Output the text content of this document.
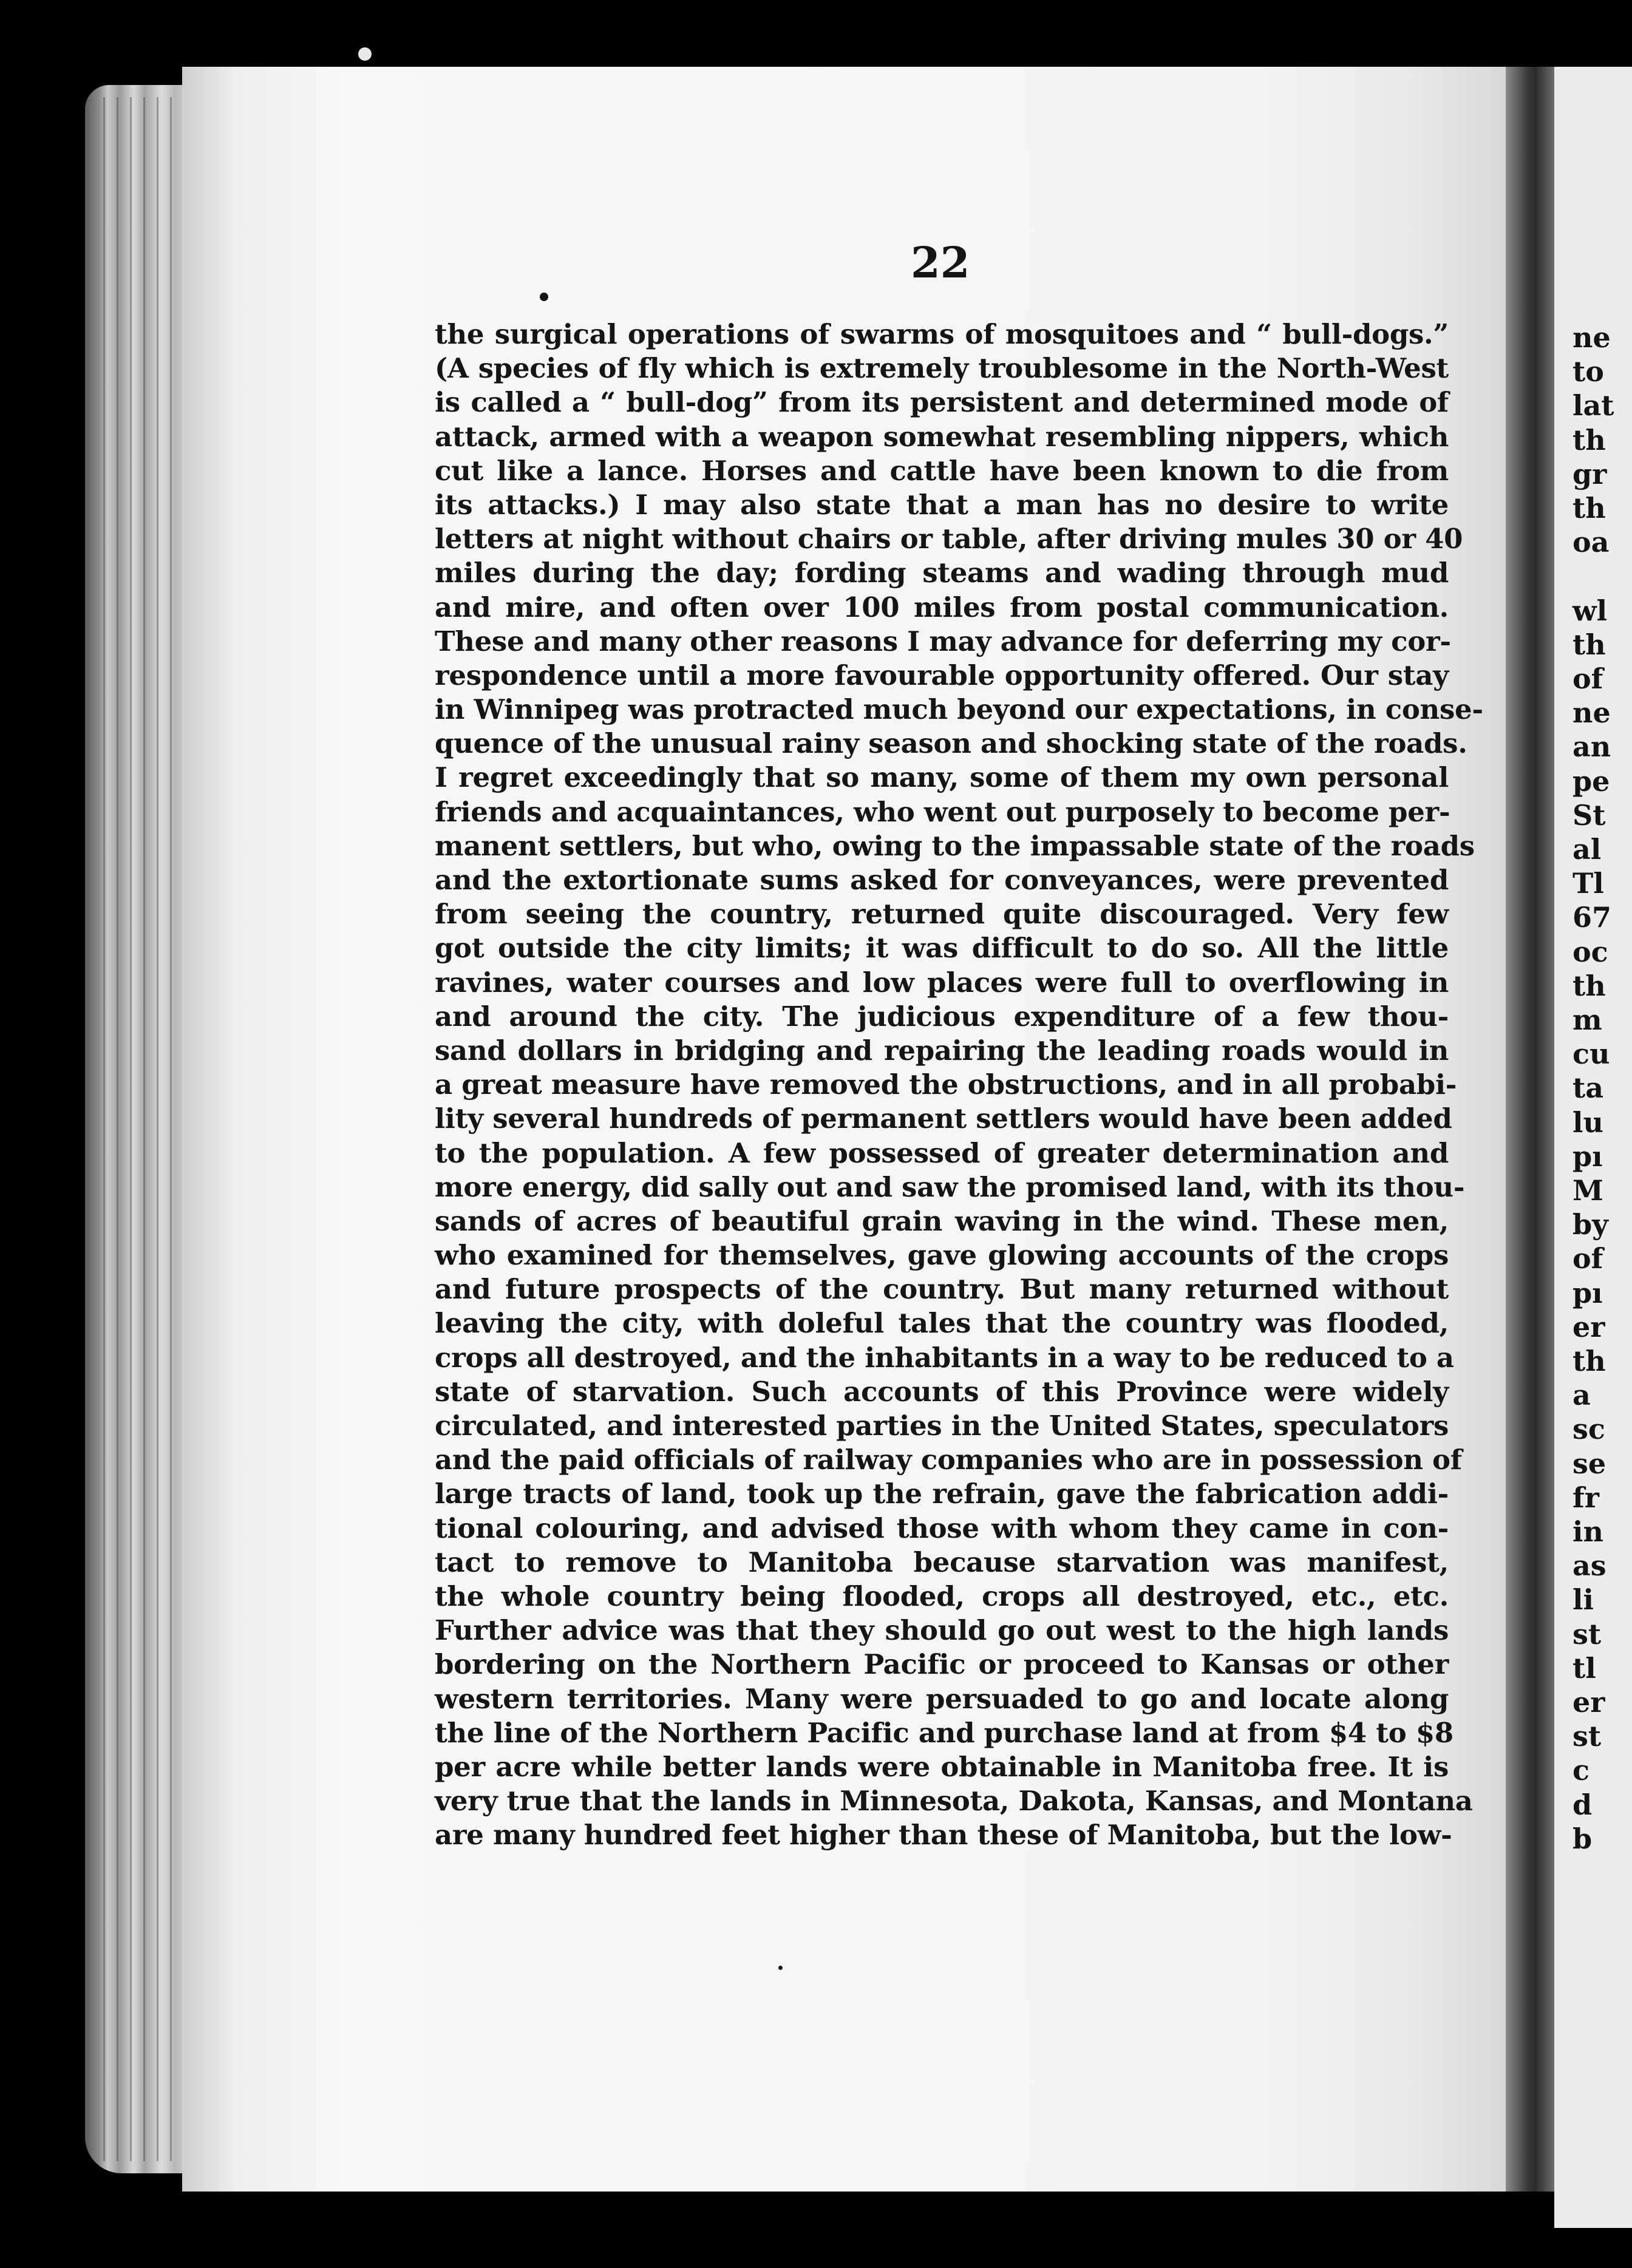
22
the surgical operations of swarms of mosquitoes and “ bull-dogs.”
(A species of fly which is extremely troublesome in the North-West
is called a “ bull-dog” from its persistent and determined mode of
attack, armed with a weapon somewhat resembling nippers, which
cut like a lance. Horses and cattle have been known to die from
its attacks.) I may also state that a man has no desire to write
letters at night without chairs or table, after driving mules 30 or 40
miles during the day; fording steams and wading through mud
and mire, and often over 100 miles from postal communication.
These and many other reasons I may advance for deferring my cor-
respondence until a more favourable opportunity offered. Our stay
in Winnipeg was protracted much beyond our expectations, in conse-
quence of the unusual rainy season and shocking state of the roads.
I regret exceedingly that so many, some of them my own personal
friends and acquaintances, who went out purposely to become per-
manent settlers, but who, owing to the impassable state of the roads
and the extortionate sums asked for conveyances, were prevented
from seeing the country, returned quite discouraged. Very few
got outside the city limits; it was difficult to do so. All the little
ravines, water courses and low places were full to overflowing in
and around the city. The judicious expenditure of a few thou-
sand dollars in bridging and repairing the leading roads would in
a great measure have removed the obstructions, and in all probabi-
lity several hundreds of permanent settlers would have been added
to the population. A few possessed of greater determination and
more energy, did sally out and saw the promised land, with its thou-
sands of acres of beautiful grain waving in the wind. These men,
who examined for themselves, gave glowing accounts of the crops
and future prospects of the country. But many returned without
leaving the city, with doleful tales that the country was flooded,
crops all destroyed, and the inhabitants in a way to be reduced to a
state of starvation. Such accounts of this Province were widely
circulated, and interested parties in the United States, speculators
and the paid officials of railway companies who are in possession of
large tracts of land, took up the refrain, gave the fabrication addi-
tional colouring, and advised those with whom they came in con-
tact to remove to Manitoba because starvation was manifest,
the whole country being flooded, crops all destroyed, etc., etc.
Further advice was that they should go out west to the high lands
bordering on the Northern Pacific or proceed to Kansas or other
western territories. Many were persuaded to go and locate along
the line of the Northern Pacific and purchase land at from $4 to $8
per acre while better lands were obtainable in Manitoba free. It is
very true that the lands in Minnesota, Dakota, Kansas, and Montana
are many hundred feet higher than these of Manitoba, but the low-
ne
to
lat
th
gr
th
oa
wl
th
of
ne
an
pe
St
al
Tl
67
oc
th
m
cu
ta
lu
pı
M
by
of
pı
er
th
a
sc
se
fr
in
as
li
st
tl
er
st
c
d
b
